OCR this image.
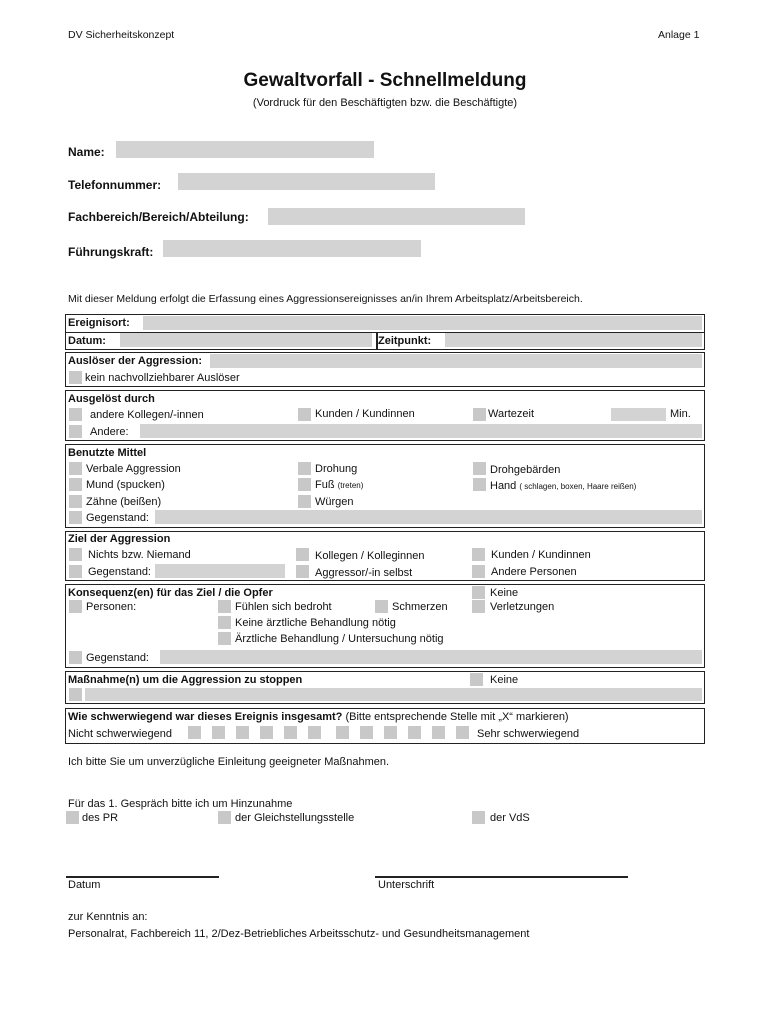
DV Sicherheitskonzept	Anlage 1
Gewaltvorfall - Schnellmeldung
(Vordruck für den Beschäftigten bzw. die Beschäftigte)
Name:
Telefonnummer:
Fachbereich/Bereich/Abteilung:
Führungskraft:
Mit dieser Meldung erfolgt die Erfassung eines Aggressionsereignisses an/in Ihrem Arbeitsplatz/Arbeitsbereich.
Ereignisort:
Datum:	Zeitpunkt:
Auslöser der Aggression:
kein nachvollziehbarer Auslöser
Ausgelöst durch
andere Kollegen/-innen	Kunden / Kundinnen	Wartezeit	Min.
Andere:
Benutzte Mittel
Verbale Aggression	Drohung	Drohgebärden
Mund (spucken)	Fuß (treten)	Hand ( schlagen, boxen, Haare reißen)
Zähne (beißen)	Würgen
Gegenstand:
Ziel der Aggression
Nichts bzw. Niemand	Kollegen / Kolleginnen	Kunden / Kundinnen
Gegenstand:	Aggressor/-in selbst	Andere Personen
Konsequenz(en) für das Ziel / die Opfer	Keine
Personen:	Fühlen sich bedroht	Schmerzen	Verletzungen
Keine ärztliche Behandlung nötig
Ärztliche Behandlung / Untersuchung nötig
Gegenstand:
Maßnahme(n) um die Aggression zu stoppen	Keine
Wie schwerwiegend war dieses Ereignis insgesamt? (Bitte entsprechende Stelle mit „X“ markieren)
Nicht schwerwiegend	Sehr schwerwiegend
Ich bitte Sie um unverzügliche Einleitung geeigneter Maßnahmen.
Für das 1. Gespräch bitte ich um Hinzunahme
des PR	der Gleichstellungsstelle	der VdS
Datum	Unterschrift
zur Kenntnis an:
Personalrat, Fachbereich 11, 2/Dez-Betriebliches Arbeitsschutz- und Gesundheitsmanagement
